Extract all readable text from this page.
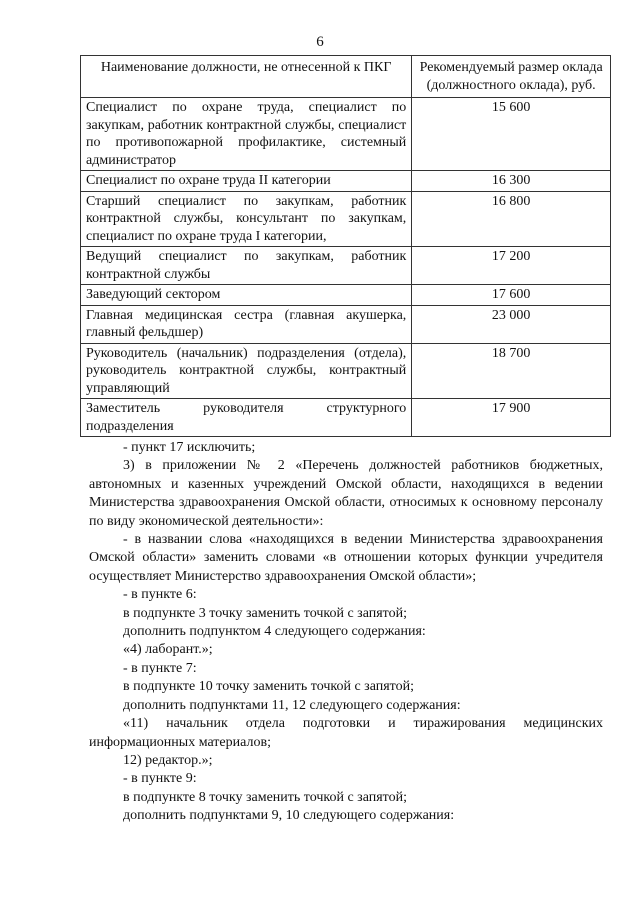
6
Наименование должности, не отнесенной к ПКГ	Рекомендуемый размер оклада (должностного оклада), руб.
Специалист по охране труда, специалист по закупкам, работник контрактной службы, специалист по противопожарной профилактике, системный администратор	15 600
Специалист по охране труда II категории	16 300
Старший специалист по закупкам, работник контрактной службы, консультант по закупкам, специалист по охране труда I категории,	16 800
Ведущий специалист по закупкам, работник контрактной службы	17 200
Заведующий сектором	17 600
Главная медицинская сестра (главная акушерка, главный фельдшер)	23 000
Руководитель (начальник) подразделения (отдела), руководитель контрактной службы, контрактный управляющий	18 700
Заместитель руководителя структурного подразделения	17 900

- пункт 17 исключить;

3) в приложении № 2 «Перечень должностей работников бюджетных, автономных и казенных учреждений Омской области, находящихся в ведении Министерства здравоохранения Омской области, относимых к основному персоналу по виду экономической деятельности»:

- в названии слова «находящихся в ведении Министерства здравоохранения Омской области» заменить словами «в отношении которых функции учредителя осуществляет Министерство здравоохранения Омской области»;

- в пункте 6:

в подпункте 3 точку заменить точкой с запятой;

дополнить подпунктом 4 следующего содержания:

«4) лаборант.»;

- в пункте 7:

в подпункте 10 точку заменить точкой с запятой;

дополнить подпунктами 11, 12 следующего содержания:

«11) начальник отдела подготовки и тиражирования медицинских информационных материалов;

12) редактор.»;

- в пункте 9:

в подпункте 8 точку заменить точкой с запятой;

дополнить подпунктами 9, 10 следующего содержания:
